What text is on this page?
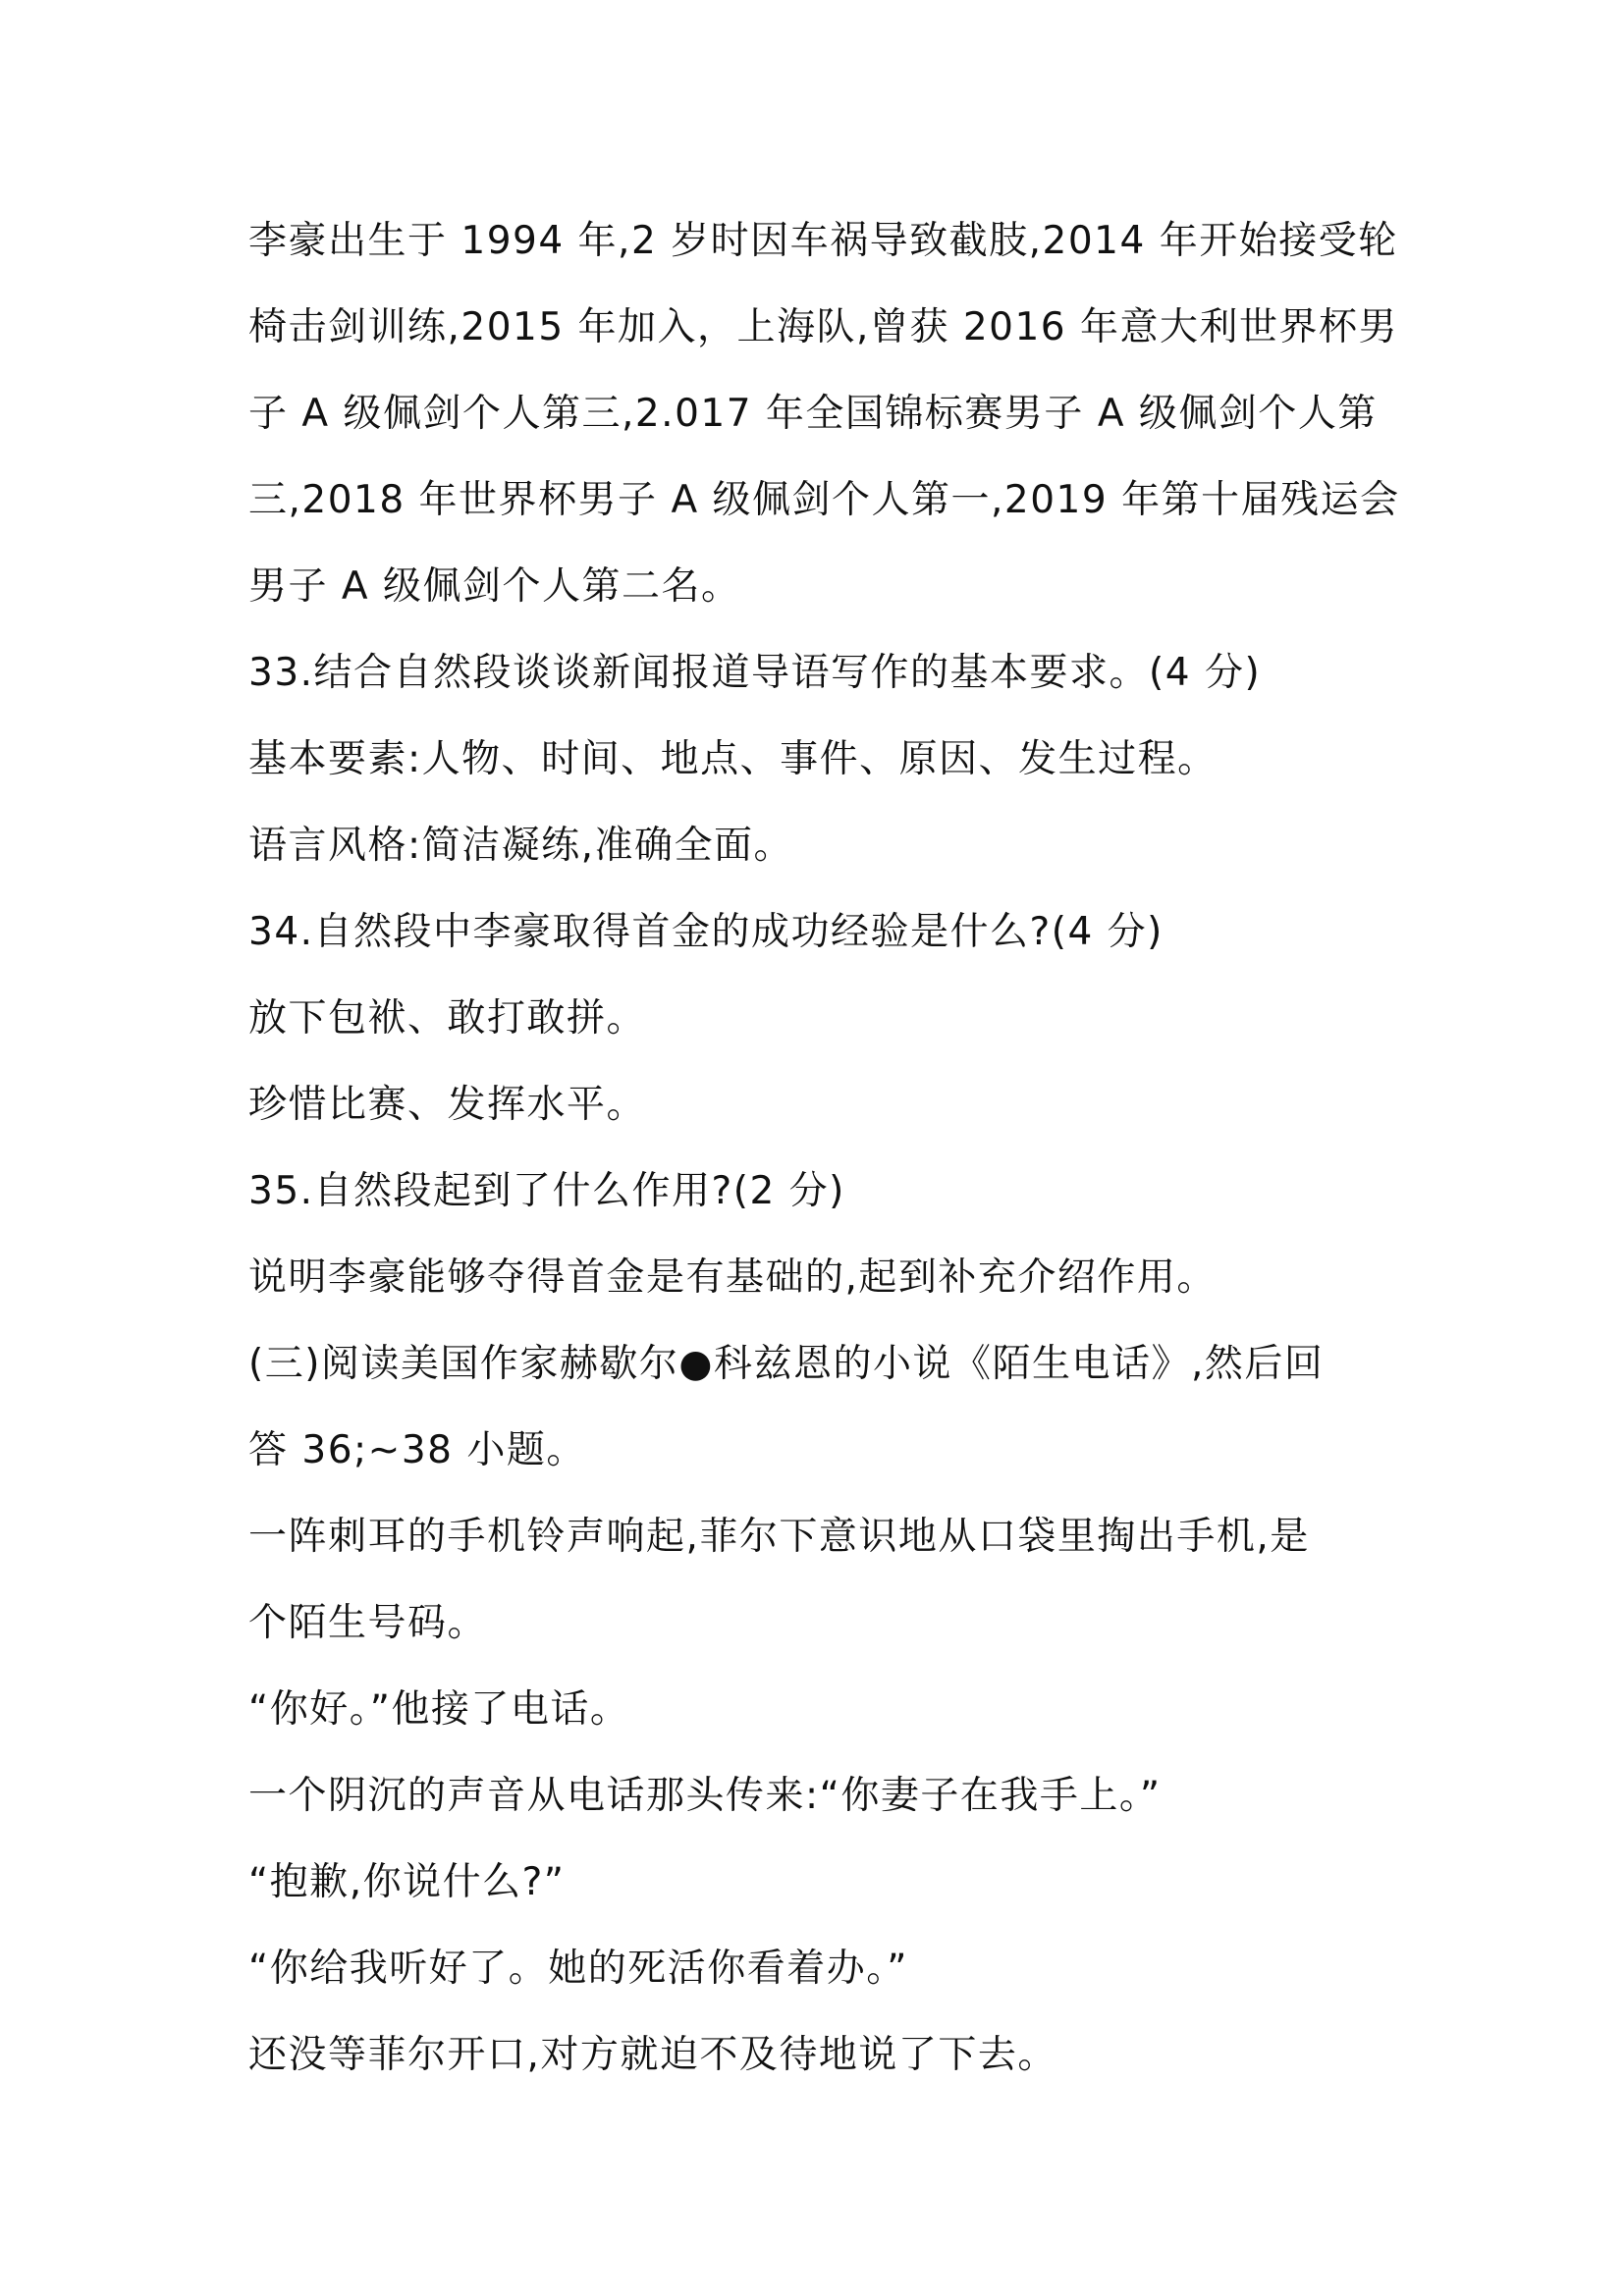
李豪出生于 1994 年,2 岁时因车祸导致截肢,2014 年开始接受轮
椅击剑训练,2015 年加入，上海队,曾获 2016 年意大利世界杯男
子 A 级佩剑个人第三,2.017 年全国锦标赛男子 A 级佩剑个人第
三,2018 年世界杯男子 A 级佩剑个人第一,2019 年第十届残运会
男子 A 级佩剑个人第二名。
33.结合自然段谈谈新闻报道导语写作的基本要求。(4 分)
基本要素:人物、时间、地点、事件、原因、发生过程。
语言风格:简洁凝练,准确全面。
34.自然段中李豪取得首金的成功经验是什么?(4 分)
放下包袱、敢打敢拼。
珍惜比赛、发挥水平。
35.自然段起到了什么作用?(2 分)
说明李豪能够夺得首金是有基础的,起到补充介绍作用。
(三)阅读美国作家赫歇尔●科兹恩的小说《陌生电话》,然后回
答 36;~38 小题。
一阵刺耳的手机铃声响起,菲尔下意识地从口袋里掏出手机,是
个陌生号码。
“你好。”他接了电话。
一个阴沉的声音从电话那头传来:“你妻子在我手上。”
“抱歉,你说什么?”
“你给我听好了。她的死活你看着办。”
还没等菲尔开口,对方就迫不及待地说了下去。
